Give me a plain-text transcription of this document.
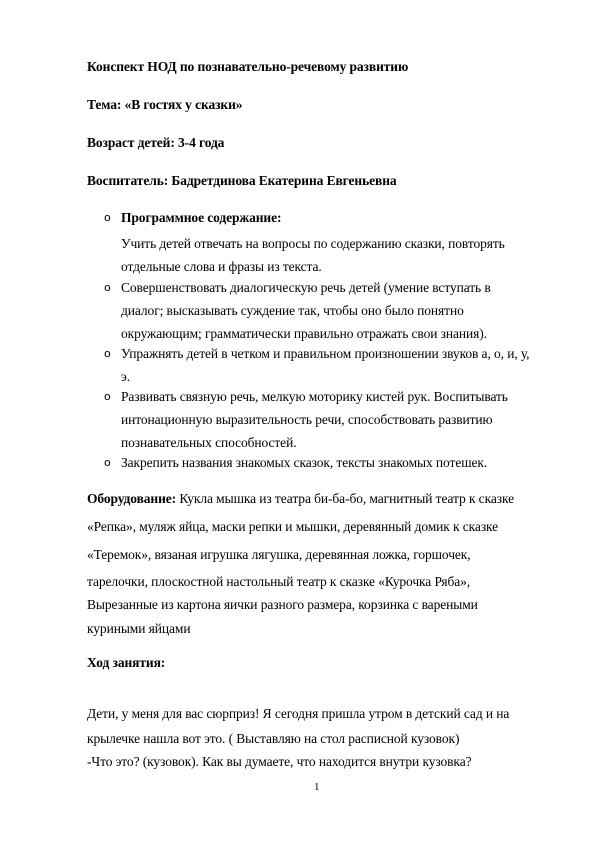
Конспект НОД по познавательно-речевому развитию
Тема: «В гостях у сказки»
Возраст детей: 3-4 года
Воспитатель: Бадретдинова Екатерина Евгеньевна
o Программное содержание:
Учить детей отвечать на вопросы по содержанию сказки, повторять
отдельные слова и фразы из текста.
o Совершенствовать диалогическую речь детей (умение вступать в
диалог; высказывать суждение так, чтобы оно было понятно
окружающим; грамматически правильно отражать свои знания).
o Упражнять детей в четком и правильном произношении звуков а, о, и, у,
э.
o Развивать связную речь, мелкую моторику кистей рук. Воспитывать
интонационную выразительность речи, способствовать развитию
познавательных способностей.
o Закрепить названия знакомых сказок, тексты знакомых потешек.
Оборудование: Кукла мышка из театра би-ба-бо, магнитный театр к сказке
«Репка», муляж яйца, маски репки и мышки, деревянный домик к сказке
«Теремок», вязаная игрушка лягушка, деревянная ложка, горшочек,
тарелочки, плоскостной настольный театр к сказке «Курочка Ряба»,
Вырезанные из картона яички разного размера, корзинка с вареными
куриными яйцами
Ход занятия:
Дети, у меня для вас сюрприз! Я сегодня пришла утром в детский сад и на
крылечке нашла вот это. ( Выставляю на стол расписной кузовок)
-Что это? (кузовок). Как вы думаете, что находится внутри кузовка?
1
